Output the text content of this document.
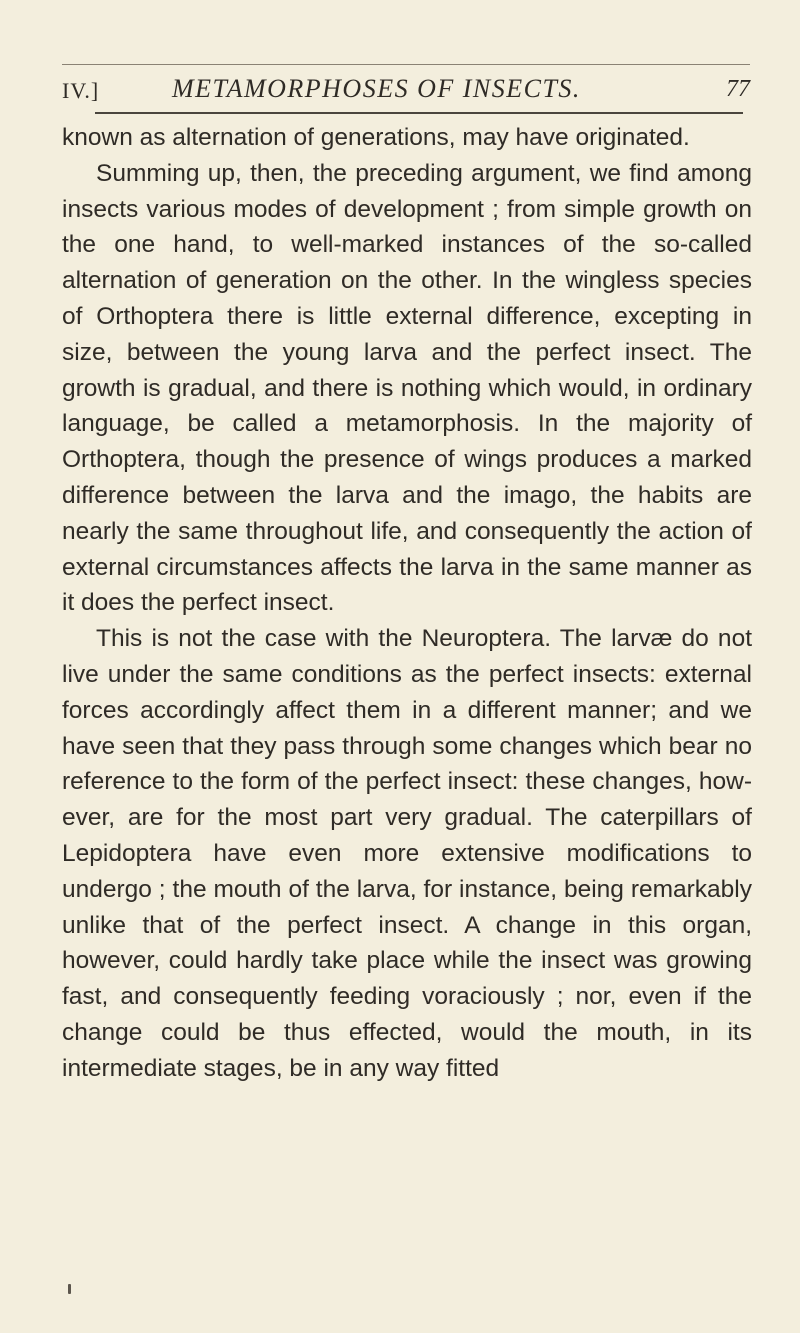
IV.]	METAMORPHOSES OF INSECTS.	77

known as alternation of generations, may have originated.

Summing up, then, the preceding argument, we find among insects various modes of development ; from simple growth on the one hand, to well-marked instances of the so-called alternation of generation on the other. In the wingless species of Orthoptera there is little external difference, excepting in size, between the young larva and the perfect insect. The growth is gradual, and there is nothing which would, in ordinary language, be called a metamorphosis. In the majority of Orthoptera, though the presence of wings produces a marked difference between the larva and the imago, the habits are nearly the same throughout life, and consequently the action of external circumstances affects the larva in the same manner as it does the perfect insect.

This is not the case with the Neuroptera. The larvæ do not live under the same conditions as the perfect insects: external forces accordingly affect them in a different manner; and we have seen that they pass through some changes which bear no reference to the form of the perfect insect: these changes, however, are for the most part very gradual. The caterpillars of Lepidoptera have even more extensive modifications to undergo ; the mouth of the larva, for instance, being remarkably unlike that of the perfect insect. A change in this organ, however, could hardly take place while the insect was growing fast, and consequently feeding voraciously ; nor, even if the change could be thus effected, would the mouth, in its intermediate stages, be in any way fitted
